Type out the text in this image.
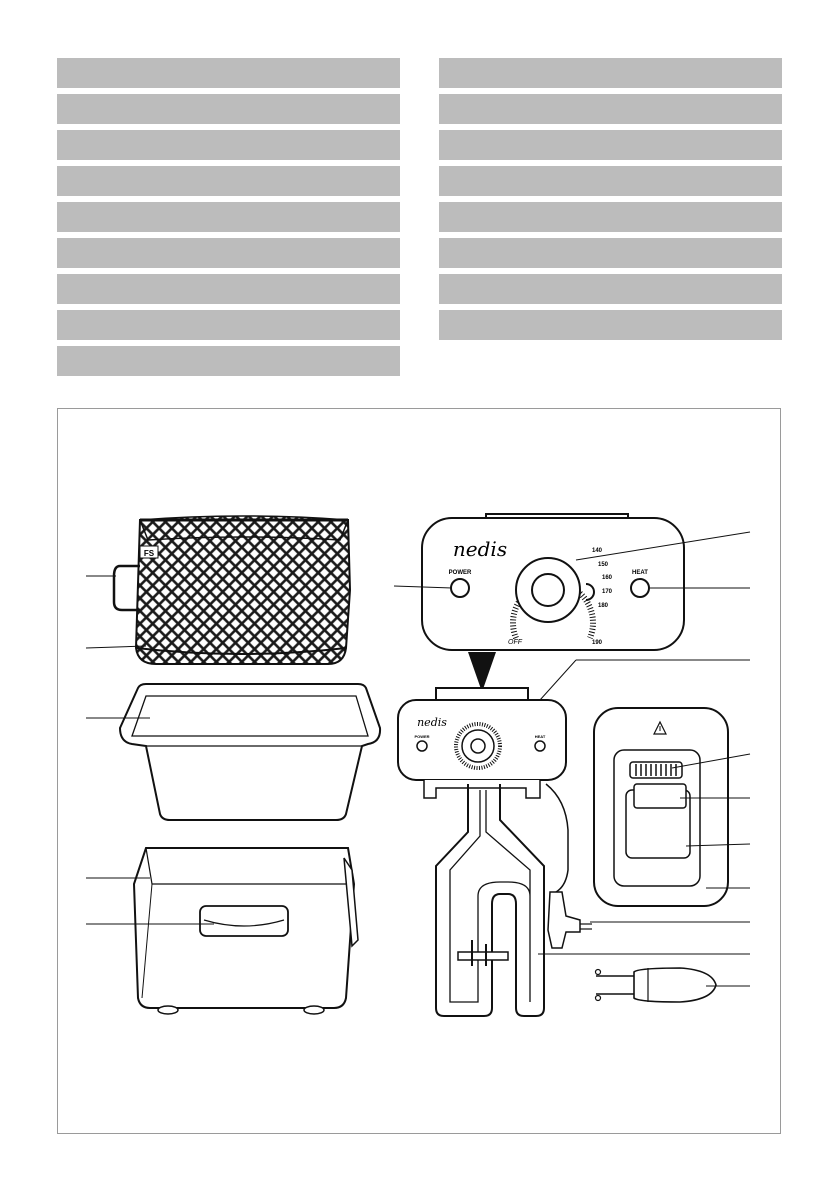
FS	nedis
POWER	HEAT
OFF
140
150
160
170
180
190
nedis
POWER	HEAT
